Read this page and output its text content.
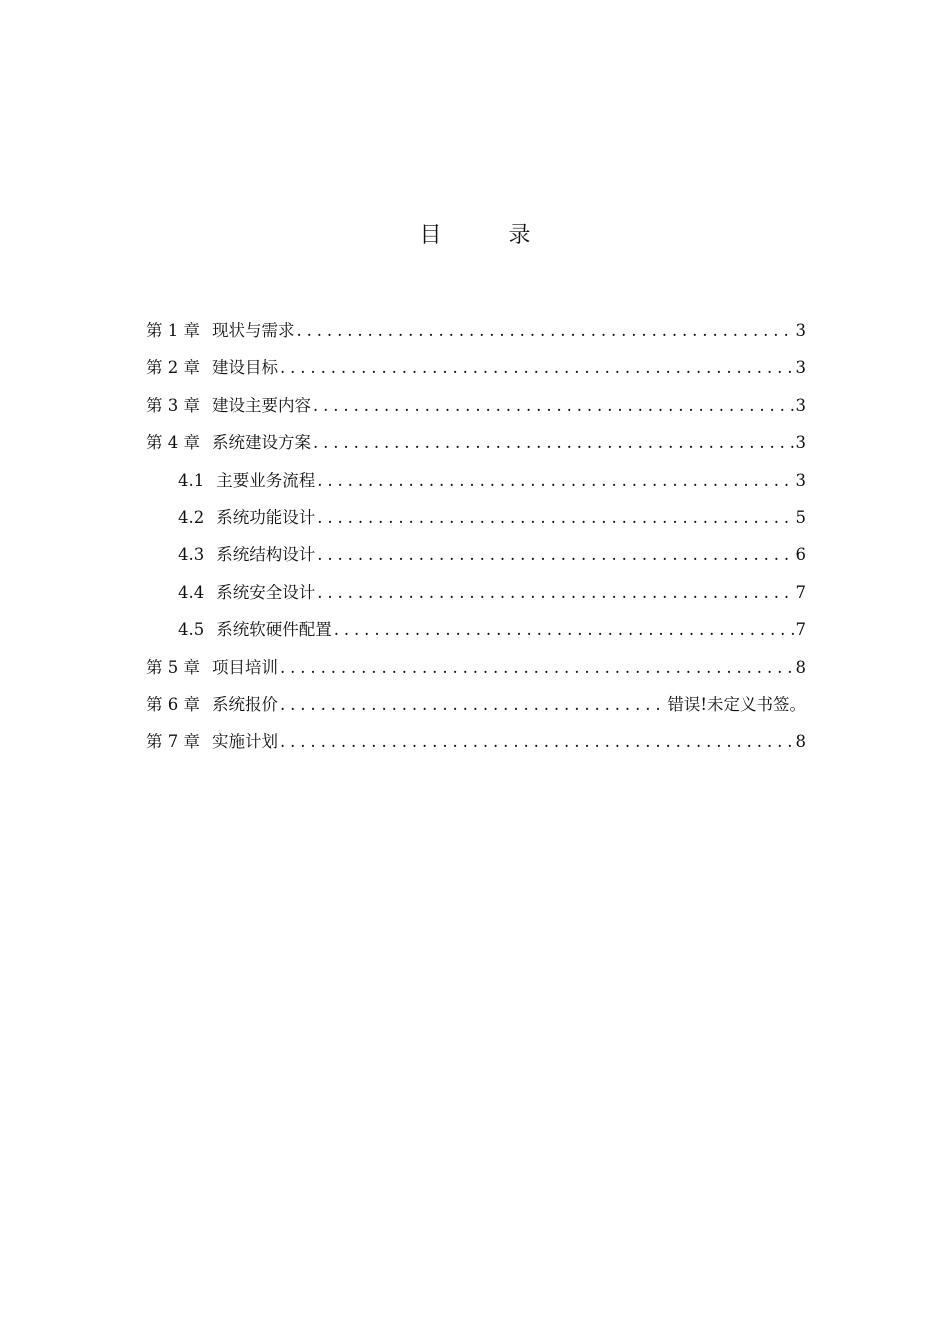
目 录
第 1 章 现状与需求 .....	3
第 2 章 建设目标 .....	3
第 3 章 建设主要内容 .....	3
第 4 章 系统建设方案 .....	3
4.1 主要业务流程 .....	3
4.2 系统功能设计 .....	5
4.3 系统结构设计 .....	6
4.4 系统安全设计 .....	7
4.5 系统软硬件配置 .....	7
第 5 章 项目培训 .....	8
第 6 章 系统报价 .....	错误!未定义书签。
第 7 章 实施计划 .....	8
